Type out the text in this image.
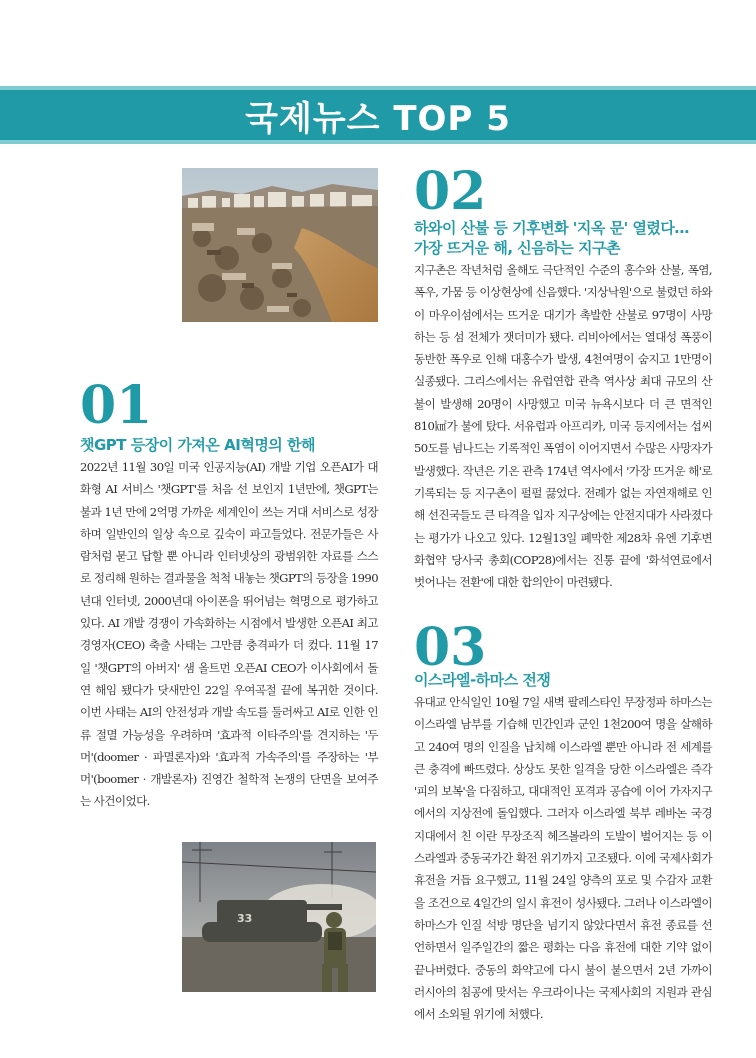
국제뉴스 TOP 5
01
챗GPT 등장이 가져온 AI혁명의 한해

2022년 11월 30일 미국 인공지능(AI) 개발 기업 오픈AI가 대화형 AI 서비스 '챗GPT'를 처음 선 보인지 1년만에, 챗GPT는 불과 1년 만에 2억명 가까운 세계인이 쓰는 거대 서비스로 성장하며 일반인의 일상 속으로 깊숙이 파고들었다. 전문가들은 사람처럼 묻고 답할 뿐 아니라 인터넷상의 광범위한 자료를 스스로 정리해 원하는 결과물을 척척 내놓는 챗GPT의 등장을 1990년대 인터넷, 2000년대 아이폰을 뛰어넘는 혁명으로 평가하고 있다. AI 개발 경쟁이 가속화하는 시점에서 발생한 오픈AI 최고경영자(CEO) 축출 사태는 그만큼 충격파가 더 컸다. 11월 17일 '챗GPT의 아버지' 샘 올트먼 오픈AI CEO가 이사회에서 돌연 해임 됐다가 닷새만인 22일 우여곡절 끝에 복귀한 것이다. 이번 사태는 AI의 안전성과 개발 속도를 둘러싸고 AI로 인한 인류 절멸 가능성을 우려하며 '효과적 이타주의'를 견지하는 '두머'(doomer · 파멸론자)와 '효과적 가속주의'를 주장하는 '부머'(boomer · 개발론자) 진영간 철학적 논쟁의 단면을 보여주는 사건이었다.

02
하와이 산불 등 기후변화 '지옥 문' 열렸다…
가장 뜨거운 해, 신음하는 지구촌

지구촌은 작년처럼 올해도 극단적인 수준의 홍수와 산불, 폭염, 폭우, 가뭄 등 이상현상에 신음했다. '지상낙원'으로 불렸던 하와이 마우이섬에서는 뜨거운 대기가 촉발한 산불로 97명이 사망하는 등 섬 전체가 잿더미가 됐다. 리비아에서는 열대성 폭풍이 동반한 폭우로 인해 대홍수가 발생, 4천여명이 숨지고 1만명이 실종됐다. 그리스에서는 유럽연합 관측 역사상 최대 규모의 산불이 발생해 20명이 사망했고 미국 뉴욕시보다 더 큰 면적인 810㎢가 불에 탔다. 서유럽과 아프리카, 미국 등지에서는 섭씨 50도를 넘나드는 기록적인 폭염이 이어지면서 수많은 사망자가 발생했다. 작년은 기온 관측 174년 역사에서 '가장 뜨거운 해'로 기록되는 등 지구촌이 펄펄 끓었다. 전례가 없는 자연재해로 인해 선진국들도 큰 타격을 입자 지구상에는 안전지대가 사라졌다는 평가가 나오고 있다. 12월13일 폐막한 제28차 유엔 기후변화협약 당사국 총회(COP28)에서는 진통 끝에 '화석연료에서 벗어나는 전환'에 대한 합의안이 마련됐다.

03
이스라엘-하마스 전쟁

유대교 안식일인 10월 7일 새벽 팔레스타인 무장정파 하마스는 이스라엘 남부를 기습해 민간인과 군인 1천200여 명을 살해하고 240여 명의 인질을 납치해 이스라엘 뿐만 아니라 전 세계를 큰 충격에 빠뜨렸다. 상상도 못한 일격을 당한 이스라엘은 즉각 '피의 보복'을 다짐하고, 대대적인 포격과 공습에 이어 가자지구에서의 지상전에 돌입했다. 그러자 이스라엘 북부 레바논 국경 지대에서 친 이란 무장조직 헤즈볼라의 도발이 벌어지는 등 이스라엘과 중동국가간 확전 위기까지 고조됐다. 이에 국제사회가 휴전을 거듭 요구했고, 11월 24일 양측의 포로 및 수감자 교환을 조건으로 4일간의 일시 휴전이 성사됐다. 그러나 이스라엘이 하마스가 인질 석방 명단을 넘기지 않았다면서 휴전 종료를 선언하면서 일주일간의 짧은 평화는 다음 휴전에 대한 기약 없이 끝나버렸다. 중동의 화약고에 다시 불이 붙으면서 2년 가까이 러시아의 침공에 맞서는 우크라이나는 국제사회의 지원과 관심에서 소외될 위기에 처했다.

33
